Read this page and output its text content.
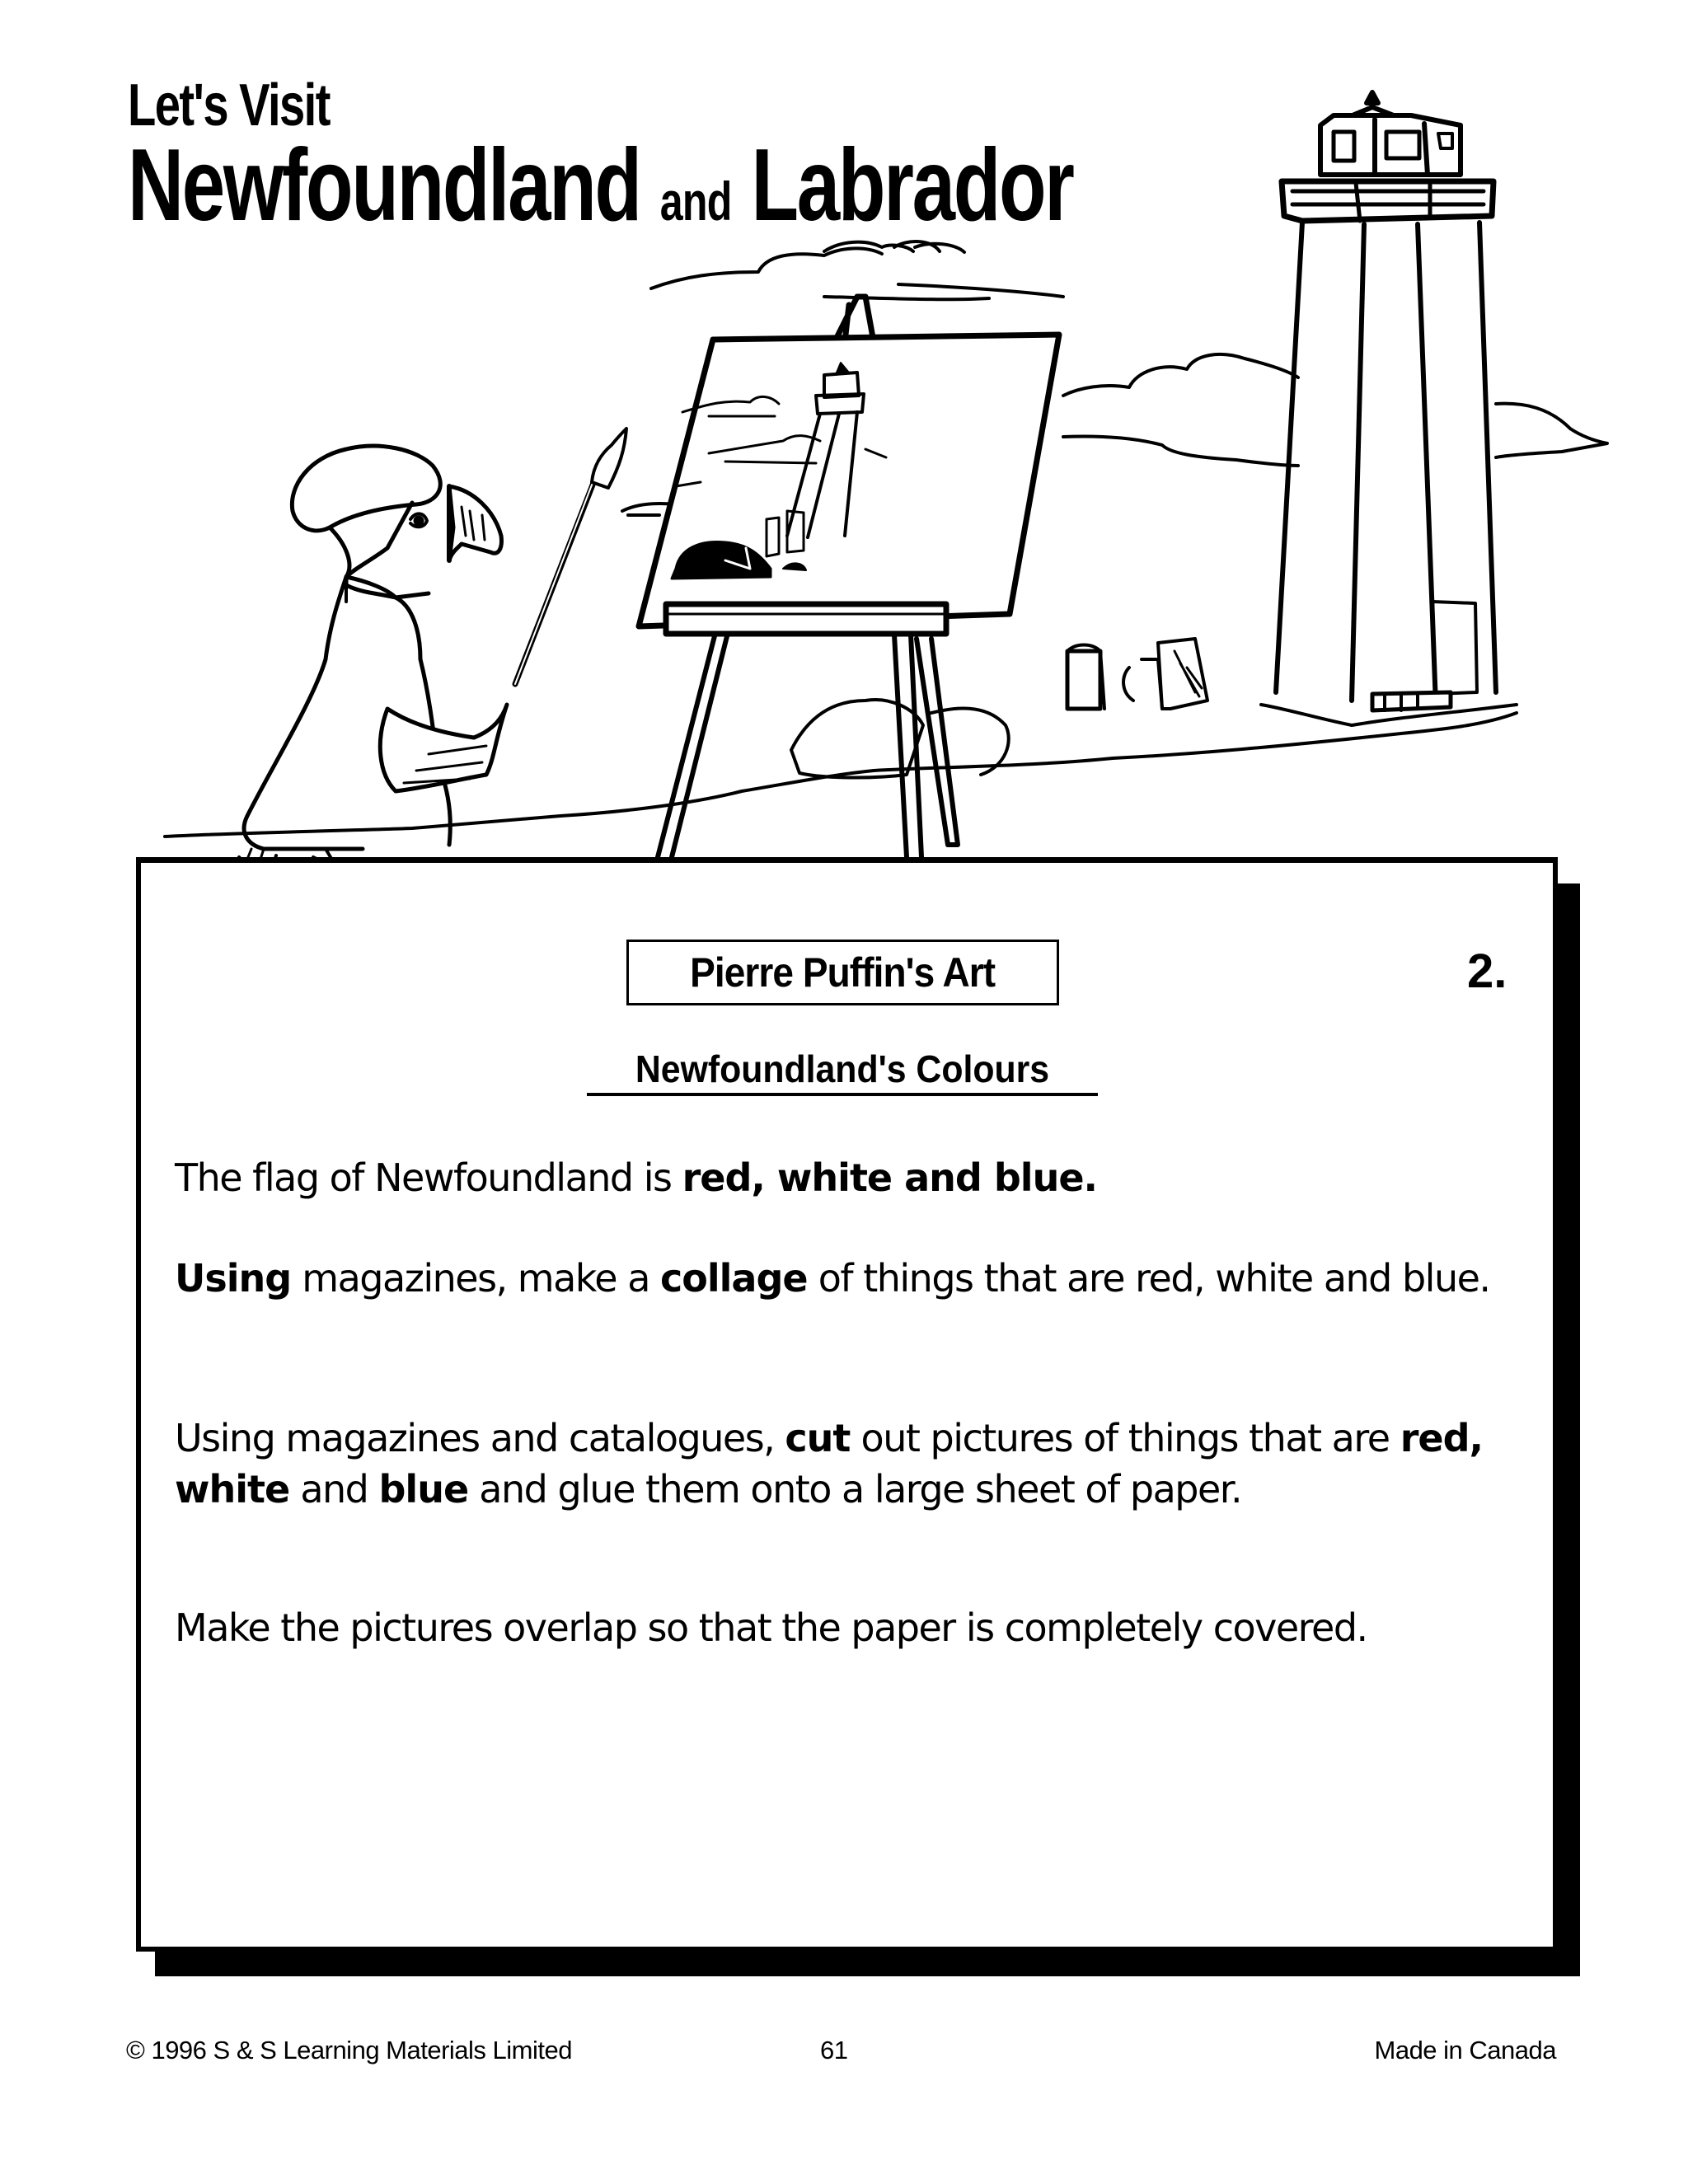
Let's Visit
Newfoundland and Labrador
Pierre Puffin's Art	2.
Newfoundland's Colours
The flag of Newfoundland is red, white and blue.
Using magazines, make a collage of things that are red, white and blue.
Using magazines and catalogues, cut out pictures of things that are red, white and blue and glue them onto a large sheet of paper.
Make the pictures overlap so that the paper is completely covered.
© 1996 S & S Learning Materials Limited	61	Made in Canada
